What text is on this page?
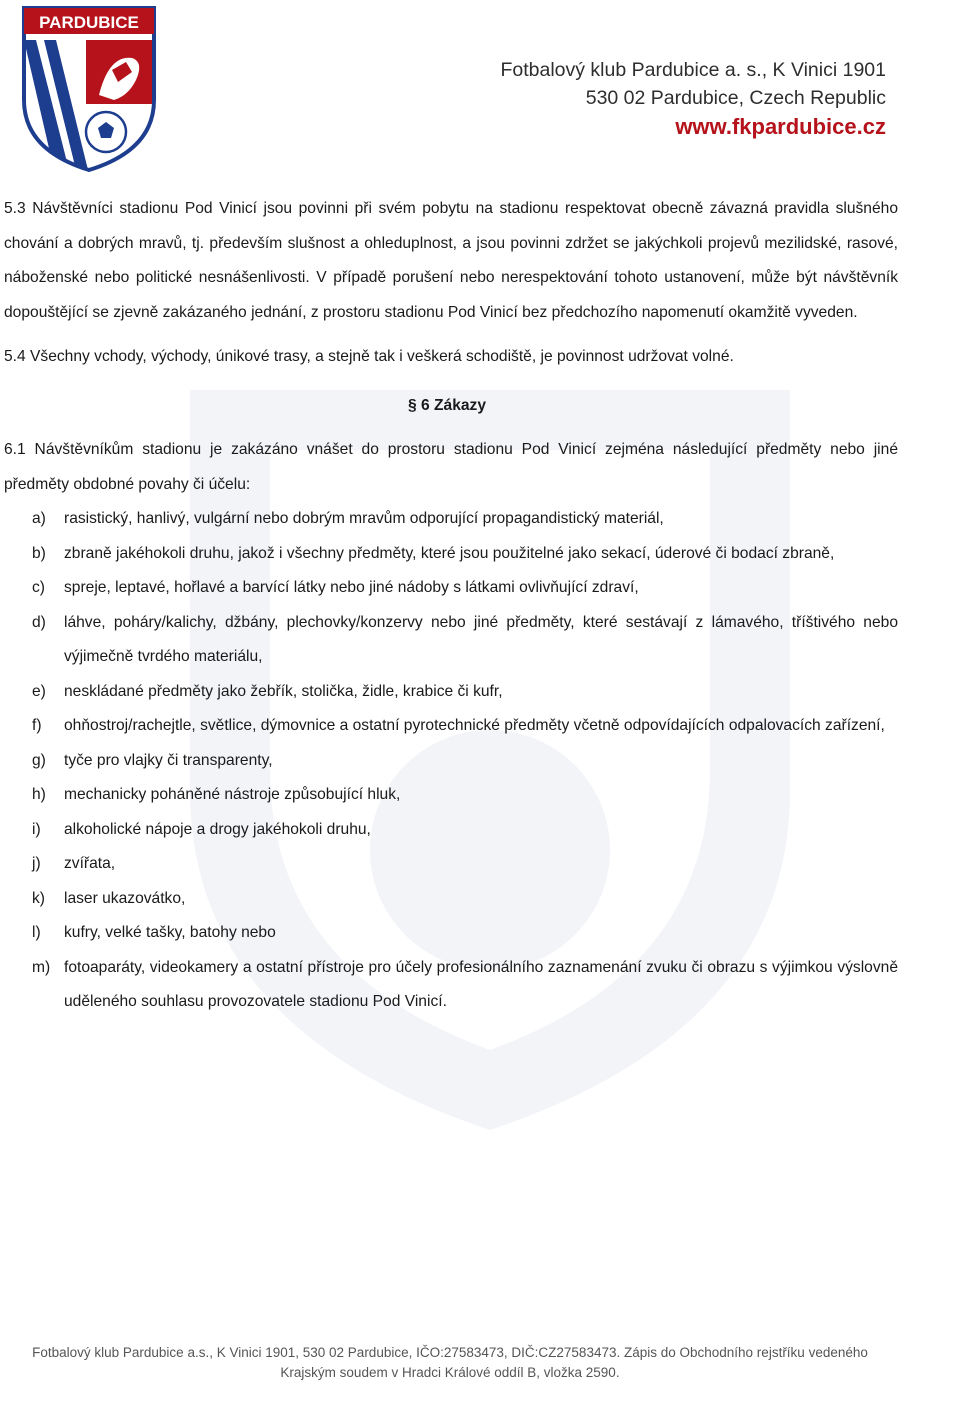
PARDUBICE
Fotbalový klub Pardubice a. s., K Vinici 1901
530 02 Pardubice, Czech Republic
www.fkpardubice.cz

5.3 Návštěvníci stadionu Pod Vinicí jsou povinni při svém pobytu na stadionu respektovat obecně závazná pravidla slušného chování a dobrých mravů, tj. především slušnost a ohleduplnost, a jsou povinni zdržet se jakýchkoli projevů mezilidské, rasové, náboženské nebo politické nesnášenlivosti. V případě porušení nebo nerespektování tohoto ustanovení, může být návštěvník dopouštějící se zjevně zakázaného jednání, z prostoru stadionu Pod Vinicí bez předchozího napomenutí okamžitě vyveden.

5.4 Všechny vchody, východy, únikové trasy, a stejně tak i veškerá schodiště, je povinnost udržovat volné.

§ 6 Zákazy

6.1 Návštěvníkům stadionu je zakázáno vnášet do prostoru stadionu Pod Vinicí zejména následující předměty nebo jiné předměty obdobné povahy či účelu:

a) rasistický, hanlivý, vulgární nebo dobrým mravům odporující propagandistický materiál,
b) zbraně jakéhokoli druhu, jakož i všechny předměty, které jsou použitelné jako sekací, úderové či bodací zbraně,
c) spreje, leptavé, hořlavé a barvící látky nebo jiné nádoby s látkami ovlivňující zdraví,
d) láhve, poháry/kalichy, džbány, plechovky/konzervy nebo jiné předměty, které sestávají z lámavého, tříštivého nebo výjimečně tvrdého materiálu,
e) neskládané předměty jako žebřík, stolička, židle, krabice či kufr,
f) ohňostroj/rachejtle, světlice, dýmovnice a ostatní pyrotechnické předměty včetně odpovídajících odpalovacích zařízení,
g) tyče pro vlajky či transparenty,
h) mechanicky poháněné nástroje způsobující hluk,
i) alkoholické nápoje a drogy jakéhokoli druhu,
j) zvířata,
k) laser ukazovátko,
l) kufry, velké tašky, batohy nebo
m) fotoaparáty, videokamery a ostatní přístroje pro účely profesionálního zaznamenání zvuku či obrazu s výjimkou výslovně uděleného souhlasu provozovatele stadionu Pod Vinicí.
Fotbalový klub Pardubice a.s., K Vinici 1901, 530 02 Pardubice, IČO:27583473, DIČ:CZ27583473. Zápis do Obchodního rejstříku vedeného
Krajským soudem v Hradci Králové oddíl B, vložka 2590.
